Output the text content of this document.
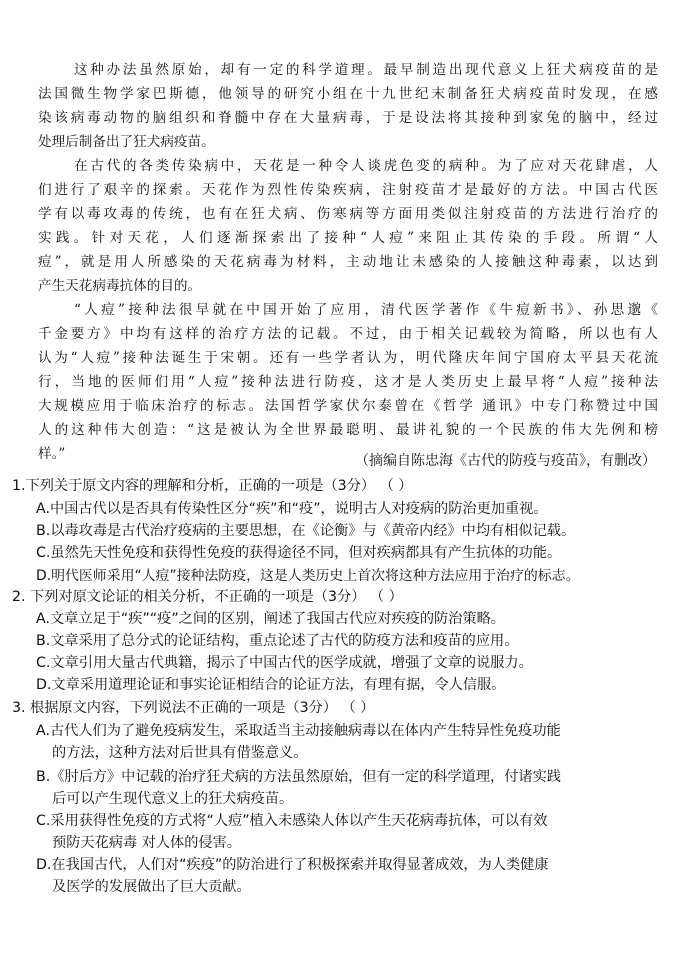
这种办法虽然原始，却有一定的科学道理。最早制造出现代意义上狂犬病疫苗的是
法国微生物学家巴斯德，他领导的研究小组在十九世纪末制备狂犬病疫苗时发现，在感
染该病毒动物的脑组织和脊髓中存在大量病毒，于是设法将其接种到家兔的脑中，经过
处理后制备出了狂犬病疫苗。
在古代的各类传染病中，天花是一种令人谈虎色变的病种。为了应对天花肆虐，人
们进行了艰辛的探索。天花作为烈性传染疾病，注射疫苗才是最好的方法。中国古代医
学有以毒攻毒的传统，也有在狂犬病、伤寒病等方面用类似注射疫苗的方法进行治疗的
实践。针对天花，人们逐渐探索出了接种“人痘”来阻止其传染的手段。所谓“人
痘”，就是用人所感染的天花病毒为材料，主动地让未感染的人接触这种毒素，以达到
产生天花病毒抗体的目的。
“人痘”接种法很早就在中国开始了应用，清代医学著作《牛痘新书》、孙思邈《
千金要方》中均有这样的治疗方法的记载。不过，由于相关记载较为简略，所以也有人
认为“人痘”接种法诞生于宋朝。还有一些学者认为，明代隆庆年间宁国府太平县天花流
行，当地的医师们用“人痘”接种法进行防疫，这才是人类历史上最早将“人痘”接种法
大规模应用于临床治疗的标志。法国哲学家伏尔泰曾在《哲学 通讯》中专门称赞过中国
人的这种伟大创造：“这是被认为全世界最聪明、最讲礼貌的一个民族的伟大先例和榜
样。”	（摘编自陈忠海《古代的防疫与疫苗》，有删改）
1.下列关于原文内容的理解和分析，正确的一项是（3分） （ ）
A.中国古代以是否具有传染性区分“疾”和“疫”，说明古人对疫病的防治更加重视。
B.以毒攻毒是古代治疗疫病的主要思想，在《论衡》与《黄帝内经》中均有相似记载。
C.虽然先天性免疫和获得性免疫的获得途径不同，但对疾病都具有产生抗体的功能。
D.明代医师采用“人痘”接种法防疫，这是人类历史上首次将这种方法应用于治疗的标志。
2. 下列对原文论证的相关分析，不正确的一项是（3分） （ ）
A.文章立足于“疾”“疫”之间的区别，阐述了我国古代应对疾疫的防治策略。
B.文章采用了总分式的论证结构，重点论述了古代的防疫方法和疫苗的应用。
C.文章引用大量古代典籍，揭示了中国古代的医学成就，增强了文章的说服力。
D.文章采用道理论证和事实论证相结合的论证方法，有理有据，令人信服。
3. 根据原文内容，下列说法不正确的一项是（3分） （ ）
A.古代人们为了避免疫病发生，采取适当主动接触病毒以在体内产生特异性免疫功能
的方法，这种方法对后世具有借鉴意义。
B.《肘后方》中记载的治疗狂犬病的方法虽然原始，但有一定的科学道理，付诸实践
后可以产生现代意义上的狂犬病疫苗。
C.采用获得性免疫的方式将“人痘”植入未感染人体以产生天花病毒抗体，可以有效
预防天花病毒 对人体的侵害。
D.在我国古代，人们对“疾疫”的防治进行了积极探索并取得显著成效，为人类健康
及医学的发展做出了巨大贡献。
